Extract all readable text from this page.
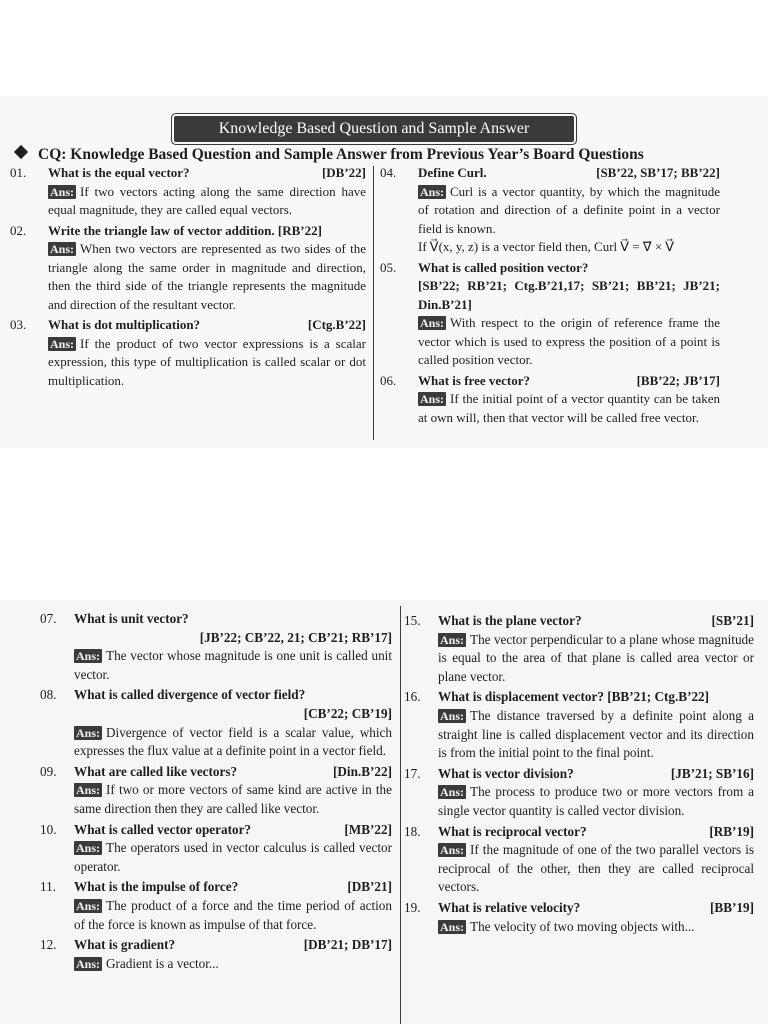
Knowledge Based Question and Sample Answer
CQ: Knowledge Based Question and Sample Answer from Previous Year’s Board Questions
01.	What is the equal vector?	[DB’22]
Ans: If two vectors acting along the same direction have equal magnitude, they are called equal vectors.
02.	Write the triangle law of vector addition. [RB’22]
Ans: When two vectors are represented as two sides of the triangle along the same order in magnitude and direction, then the third side of the triangle represents the magnitude and direction of the resultant vector.
03.	What is dot multiplication?	[Ctg.B’22]
Ans: If the product of two vector expressions is a scalar expression, this type of multiplication is called scalar or dot multiplication.
04.	Define Curl.	[SB’22, SB’17; BB’22]
Ans: Curl is a vector quantity, by which the magnitude of rotation and direction of a definite point in a vector field is known.
If V⃗(x, y, z) is a vector field then, Curl V⃗ = ∇⃗ × V⃗
05.	What is called position vector?
[SB’22; RB’21; Ctg.B’21,17; SB’21; BB’21; JB’21; Din.B’21]
Ans: With respect to the origin of reference frame the vector which is used to express the position of a point is called position vector.
06.	What is free vector?	[BB’22; JB’17]
Ans: If the initial point of a vector quantity can be taken at own will, then that vector will be called free vector.
07.	What is unit vector?
[JB’22; CB’22, 21; CB’21; RB’17]
Ans: The vector whose magnitude is one unit is called unit vector.
08.	What is called divergence of vector field?
[CB’22; CB’19]
Ans: Divergence of vector field is a scalar value, which expresses the flux value at a definite point in a vector field.
09.	What are called like vectors?	[Din.B’22]
Ans: If two or more vectors of same kind are active in the same direction then they are called like vector.
10.	What is called vector operator?	[MB’22]
Ans: The operators used in vector calculus is called vector operator.
11.	What is the impulse of force?	[DB’21]
Ans: The product of a force and the time period of action of the force is known as impulse of that force.
12.	What is gradient?	[DB’21; DB’17]
Ans: Gradient is a vector...
15.	What is the plane vector?	[SB’21]
Ans: The vector perpendicular to a plane whose magnitude is equal to the area of that plane is called area vector or plane vector.
16.	What is displacement vector? [BB’21; Ctg.B’22]
Ans: The distance traversed by a definite point along a straight line is called displacement vector and its direction is from the initial point to the final point.
17.	What is vector division?	[JB’21; SB’16]
Ans: The process to produce two or more vectors from a single vector quantity is called vector division.
18.	What is reciprocal vector?	[RB’19]
Ans: If the magnitude of one of the two parallel vectors is reciprocal of the other, then they are called reciprocal vectors.
19.	What is relative velocity?	[BB’19]
Ans: The velocity of two moving objects with...
